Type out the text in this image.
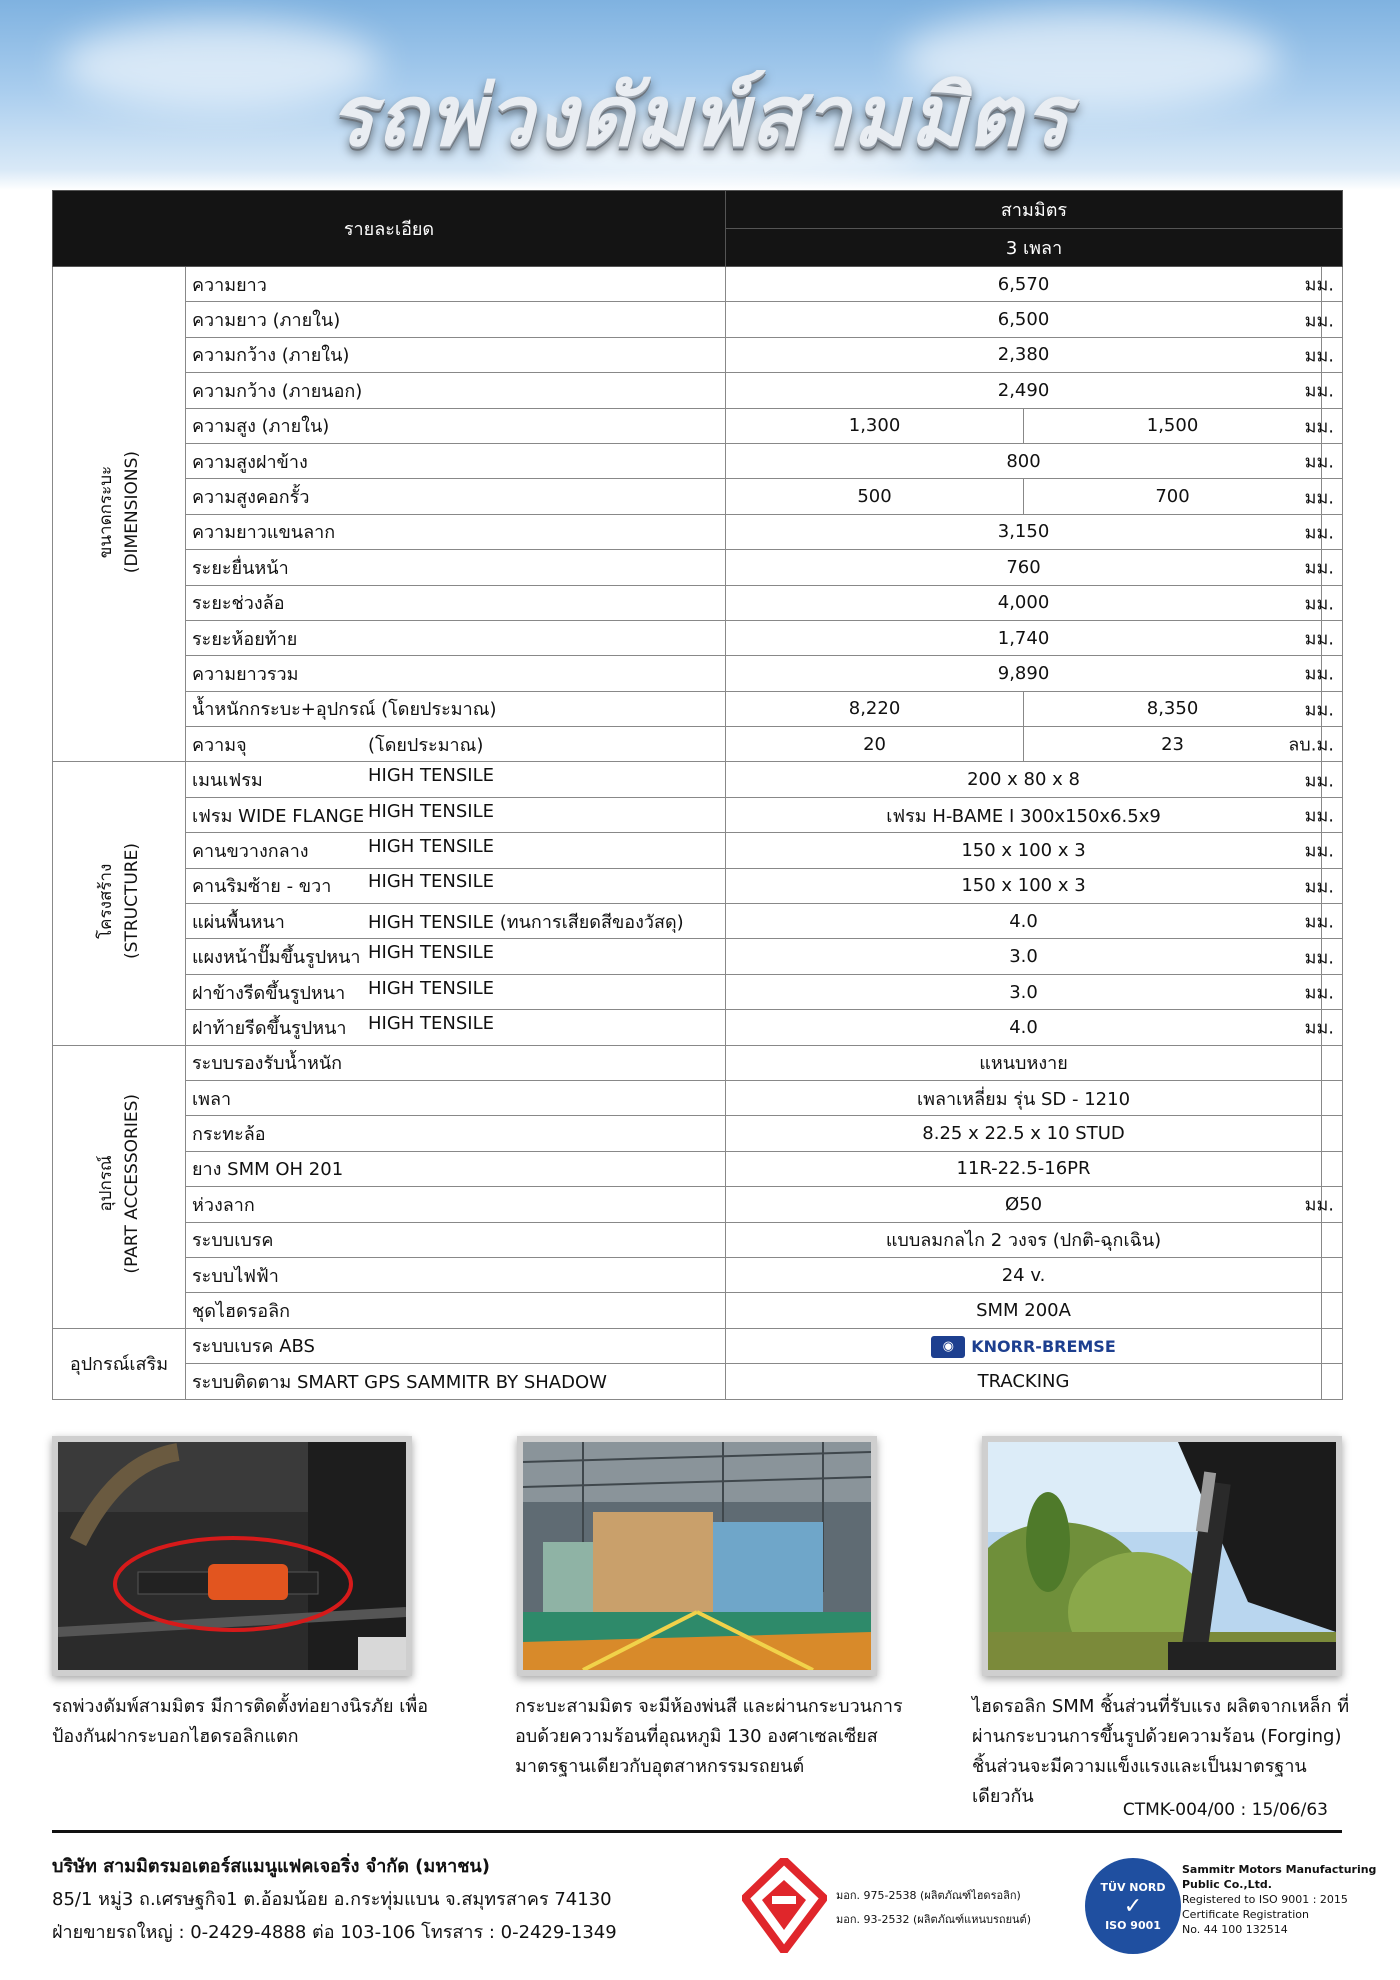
รถพ่วงดัมพ์สามมิตร
รายละเอียด		สามมิตร		
		3 เพลา		
ขนาดกระบะ (DIMENSIONS)	ความยาว	6,570		มม.

	ความยาว (ภายใน)	6,500		มม.

	ความกว้าง (ภายใน)	2,380		มม.

	ความกว้าง (ภายนอก)	2,490		มม.

	ความสูง (ภายใน)	1,300	1,500	มม.

	ความสูงฝาข้าง	800		มม.

	ความสูงคอกรั้ว	500	700	มม.

	ความยาวแขนลาก	3,150		มม.

	ระยะยื่นหน้า	760		มม.

	ระยะช่วงล้อ	4,000		มม.

	ระยะห้อยท้าย	1,740		มม.

	ความยาวรวม	9,890		มม.

	น้ำหนักกระบะ+อุปกรณ์ (โดยประมาณ)	8,220	8,350	มม.

	ความจุ (โดยประมาณ)	20	23	ลบ.ม.

โครงสร้าง (STRUCTURE)	เมนเฟรม HIGH TENSILE	200 x 80 x 8		มม.

	เฟรม WIDE FLANGE HIGH TENSILE	เฟรม H-BAME Ⅰ 300x150x6.5x9		มม.

	คานขวางกลาง HIGH TENSILE	150 x 100 x 3		มม.

	คานริมซ้าย - ขวา HIGH TENSILE	150 x 100 x 3		มม.

	แผ่นพื้นหนา HIGH TENSILE (ทนการเสียดสีของวัสดุ)	4.0		มม.

	แผงหน้าปั๊มขึ้นรูปหนา HIGH TENSILE	3.0		มม.

	ฝาข้างรีดขึ้นรูปหนา HIGH TENSILE	3.0		มม.

	ฝาท้ายรีดขึ้นรูปหนา HIGH TENSILE	4.0		มม.

อุปกรณ์ (PART ACCESSORIES)	ระบบรองรับน้ำหนัก	แหนบหงาย		

	เพลา	เพลาเหลี่ยม รุ่น SD - 1210		

	กระทะล้อ	8.25 x 22.5 x 10 STUD		

	ยาง SMM OH 201	11R-22.5-16PR		

	ห่วงลาก	Ø50		มม.

	ระบบเบรค	แบบลมกลไก 2 วงจร (ปกติ-ฉุกเฉิน)		

	ระบบไฟฟ้า	24 v.		

	ชุดไฮดรอลิก	SMM 200A		

อุปกรณ์เสริม	ระบบเบรค ABS	◉ KNORR-BREMSE		

	ระบบติดตาม SMART GPS SAMMITR BY SHADOW	TRACKING		
รถพ่วงดัมพ์สามมิตร มีการติดตั้งท่อยางนิรภัย เพื่อป้องกันฝากระบอกไฮดรอลิกแตก
กระบะสามมิตร จะมีห้องพ่นสี และผ่านกระบวนการ อบด้วยความร้อนที่อุณหภูมิ 130 องศาเซลเซียส มาตรฐานเดียวกับอุตสาหกรรมรถยนต์
ไฮดรอลิก SMM ชิ้นส่วนที่รับแรง ผลิตจากเหล็ก ที่ผ่านกระบวนการขึ้นรูปด้วยความร้อน (Forging) ชิ้นส่วนจะมีความแข็งแรงและเป็นมาตรฐานเดียวกัน
CTMK-004/00 : 15/06/63
บริษัท สามมิตรมอเตอร์สแมนูแฟคเจอริ่ง จำกัด (มหาชน)
85/1 หมู่3 ถ.เศรษฐกิจ1 ต.อ้อมน้อย อ.กระทุ่มแบน จ.สมุทรสาคร 74130
ฝ่ายขายรถใหญ่ : 0-2429-4888 ต่อ 103-106 โทรสาร : 0-2429-1349
มอก. 975-2538 (ผลิตภัณฑ์ไฮดรอลิก)
มอก. 93-2532 (ผลิตภัณฑ์แหนบรถยนต์)
TÜV NORD
✓
ISO 9001
Sammitr Motors Manufacturing
Public Co.,Ltd.
Registered to ISO 9001 : 2015
Certificate Registration
No. 44 100 132514
